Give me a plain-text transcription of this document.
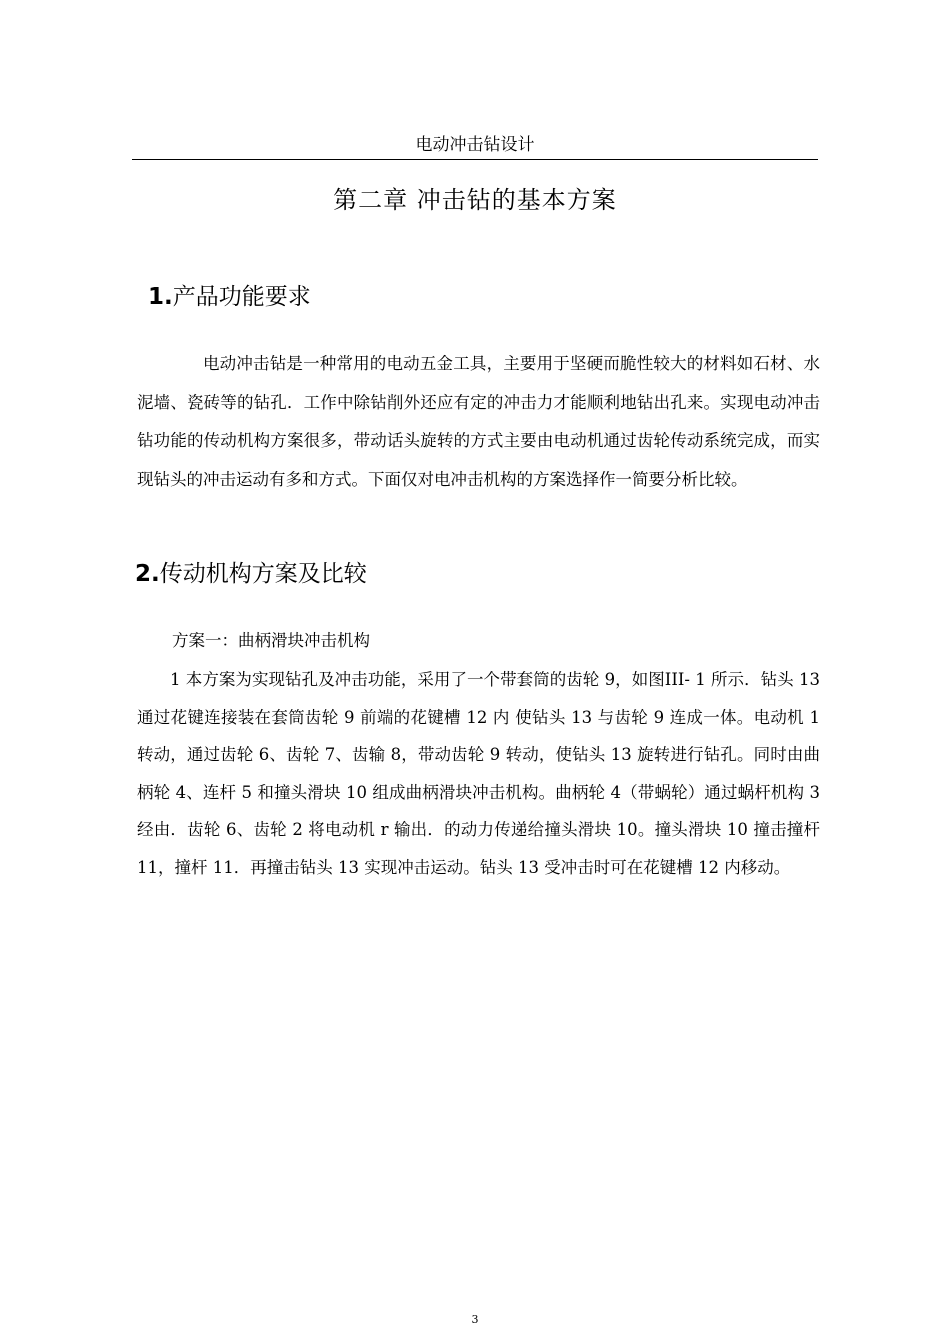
电动冲击钻设计
第二章 冲击钻的基本方案
1.产品功能要求
电动冲击钻是一种常用的电动五金工具，主要用于坚硬而脆性较大的材料如石材、水泥墙、瓷砖等的钻孔．工作中除钻削外还应有定的冲击力才能顺利地钻出孔来。实现电动冲击钻功能的传动机构方案很多，带动话头旋转的方式主要由电动机通过齿轮传动系统完成，而实现钻头的冲击运动有多和方式。下面仅对电冲击机构的方案选择作一简要分析比较。
2.传动机构方案及比较
方案一：曲柄滑块冲击机构
1 本方案为实现钻孔及冲击功能，采用了一个带套筒的齿轮 9，如图III- 1 所示．钻头 13 通过花键连接装在套筒齿轮 9 前端的花键槽 12 内 使钻头 13 与齿轮 9 连成一体。电动机 1 转动，通过齿轮 6、齿轮 7、齿输 8，带动齿轮 9 转动，使钻头 13 旋转进行钻孔。同时由曲柄轮 4、连杆 5 和撞头滑块 10 组成曲柄滑块冲击机构。曲柄轮 4（带蜗轮）通过蜗杆机构 3 经由．齿轮 6、齿轮 2 将电动机 r 输出．的动力传递给撞头滑块 10。撞头滑块 10 撞击撞杆 11，撞杆 11．再撞击钻头 13 实现冲击运动。钻头 13 受冲击时可在花键槽 12 内移动。
3
